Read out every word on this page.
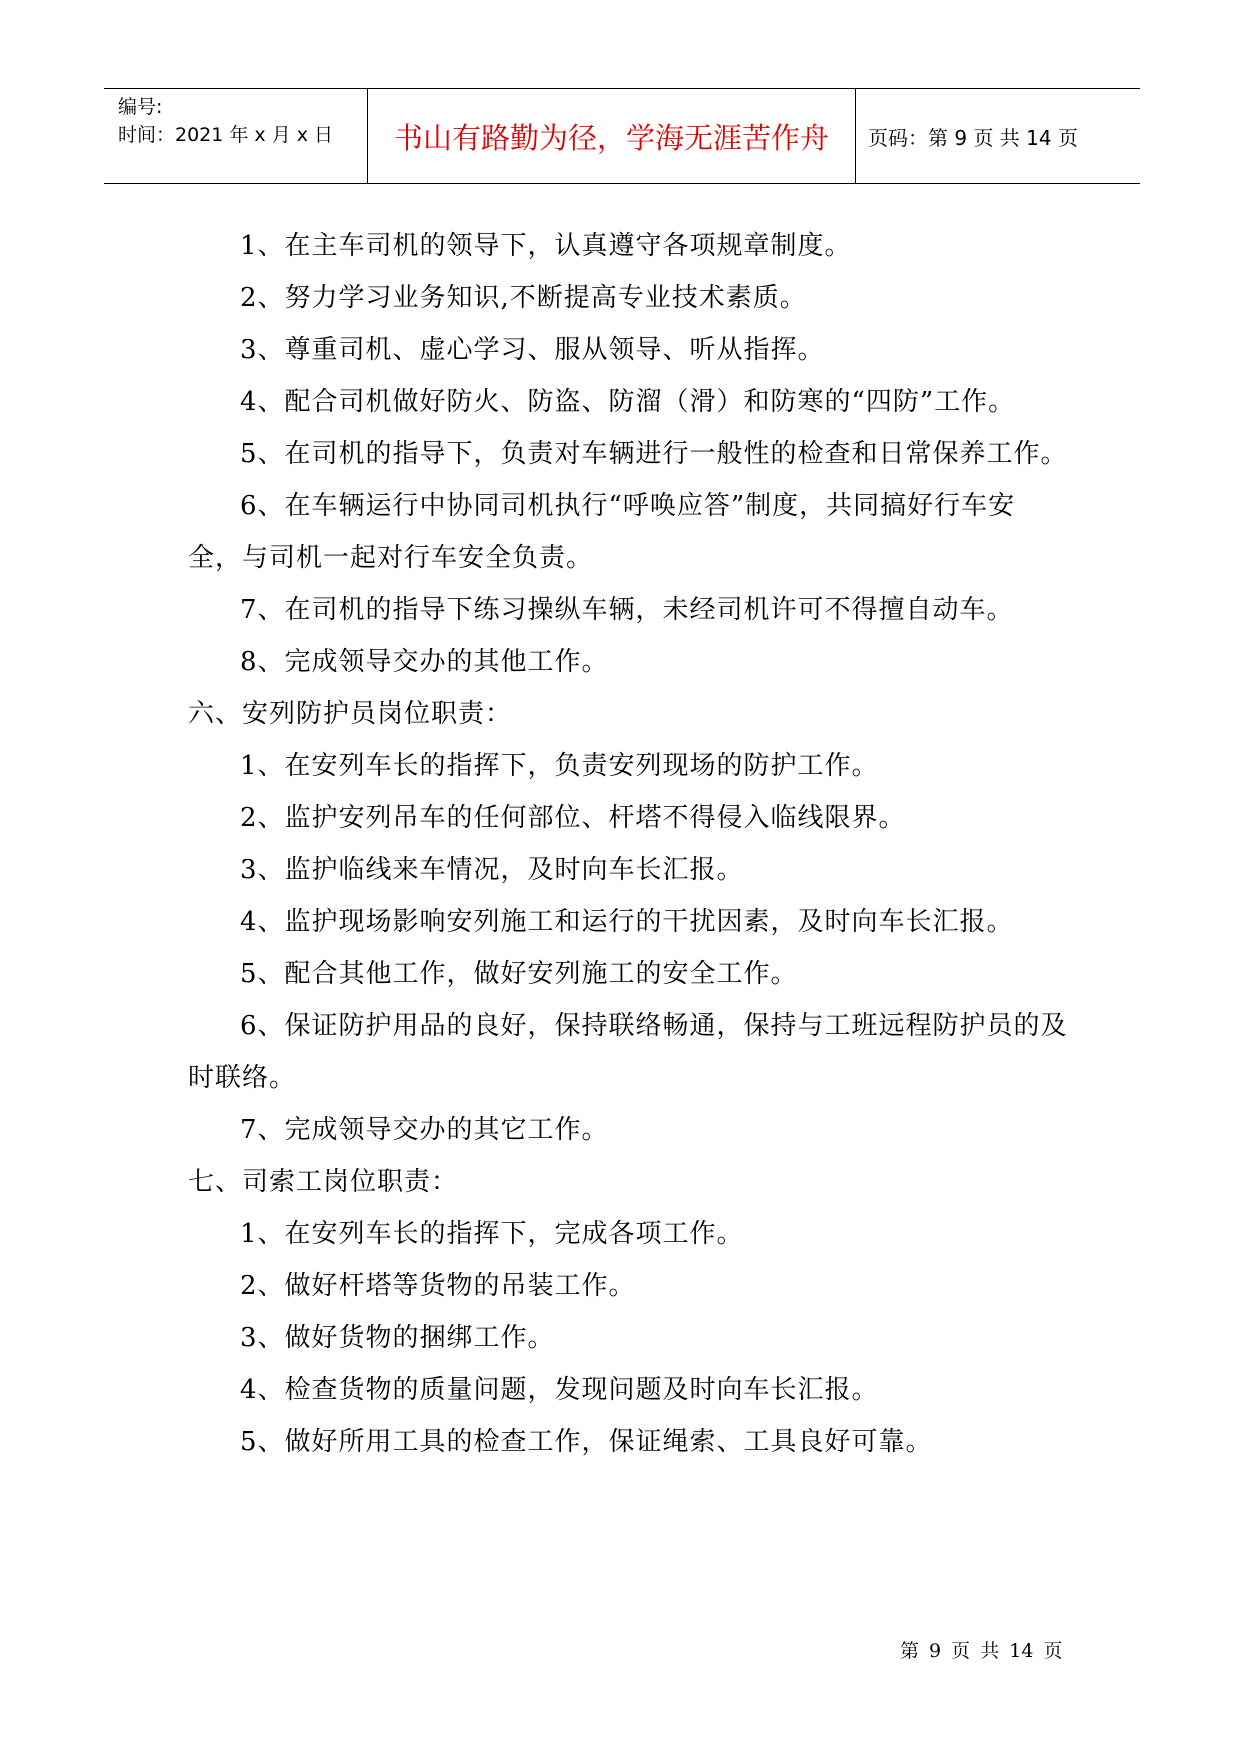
编号:
时间：2021 年 x 月 x 日	书山有路勤为径，学海无涯苦作舟	页码：第 9 页 共 14 页

1、在主车司机的领导下，认真遵守各项规章制度。

2、努力学习业务知识,不断提高专业技术素质。

3、尊重司机、虚心学习、服从领导、听从指挥。

4、配合司机做好防火、防盗、防溜（滑）和防寒的“四防”工作。

5、在司机的指导下，负责对车辆进行一般性的检查和日常保养工作。

6、在车辆运行中协同司机执行“呼唤应答”制度，共同搞好行车安全，与司机一起对行车安全负责。

7、在司机的指导下练习操纵车辆，未经司机许可不得擅自动车。

8、完成领导交办的其他工作。

六、安列防护员岗位职责：

1、在安列车长的指挥下，负责安列现场的防护工作。

2、监护安列吊车的任何部位、杆塔不得侵入临线限界。

3、监护临线来车情况，及时向车长汇报。

4、监护现场影响安列施工和运行的干扰因素，及时向车长汇报。

5、配合其他工作，做好安列施工的安全工作。

6、保证防护用品的良好，保持联络畅通，保持与工班远程防护员的及时联络。

7、完成领导交办的其它工作。

七、司索工岗位职责：

1、在安列车长的指挥下，完成各项工作。

2、做好杆塔等货物的吊装工作。

3、做好货物的捆绑工作。

4、检查货物的质量问题，发现问题及时向车长汇报。

5、做好所用工具的检查工作，保证绳索、工具良好可靠。

第 9 页 共 14 页
